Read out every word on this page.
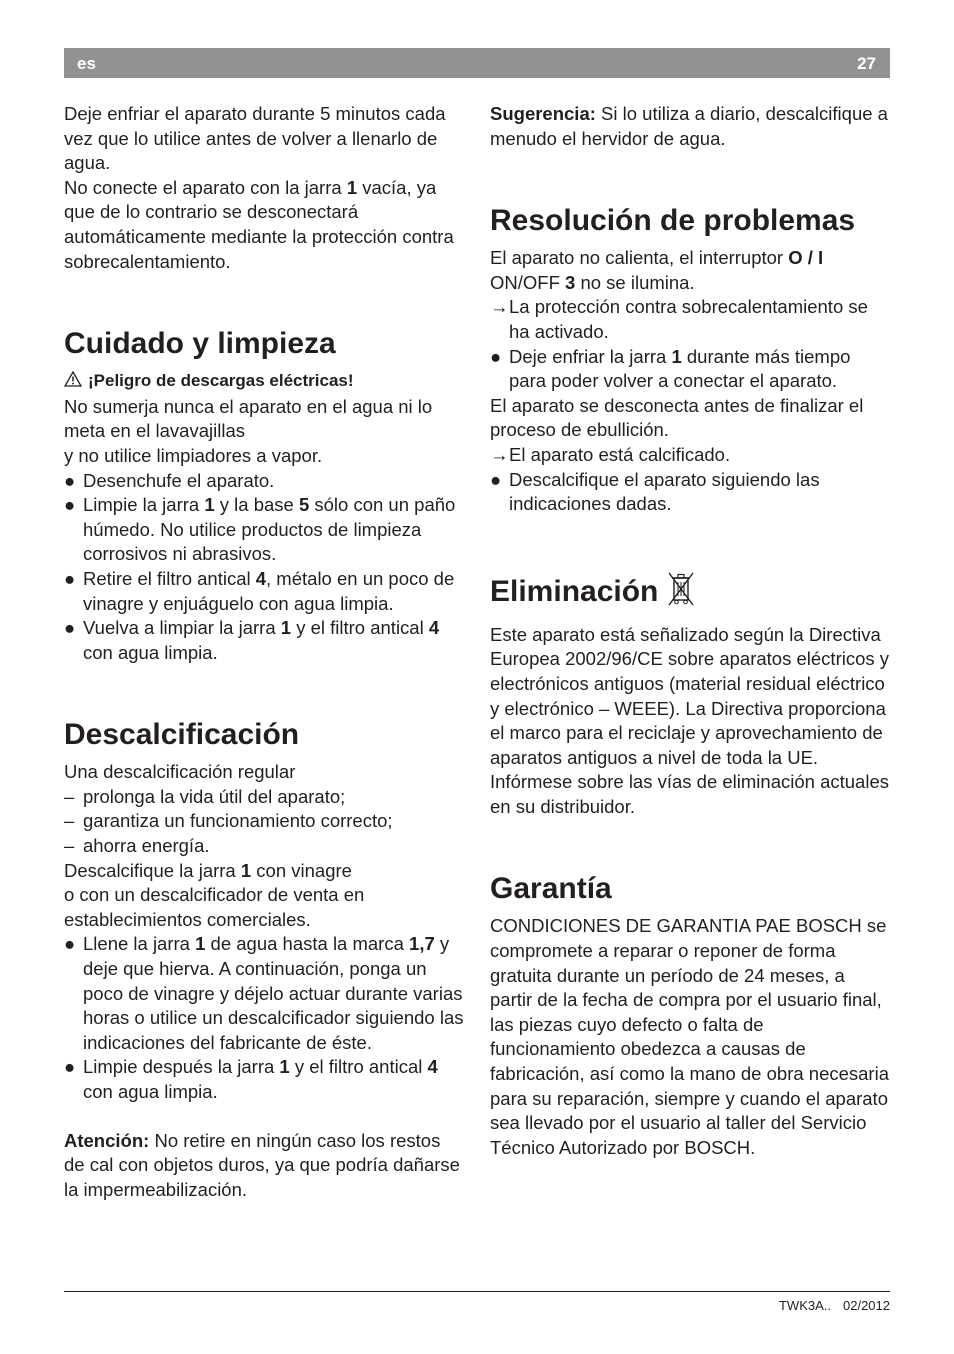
es	27

Deje enfriar el aparato durante 5 minutos cada vez que lo utilice antes de volver a llenarlo de agua.

No conecte el aparato con la jarra 1 vacía, ya que de lo contrario se desconectará automáticamente mediante la protección contra sobrecalentamiento.

Cuidado y limpieza

¡Peligro de descargas eléctricas!

No sumerja nunca el aparato en el agua ni lo meta en el lavavajillas

y no utilice limpiadores a vapor.

● Desenchufe el aparato.
● Limpie la jarra 1 y la base 5 sólo con un paño húmedo. No utilice productos de limpieza corrosivos ni abrasivos.
● Retire el filtro antical 4, métalo en un poco de vinagre y enjuáguelo con agua limpia.
● Vuelva a limpiar la jarra 1 y el filtro antical 4 con agua limpia.
Descalcificación

Una descalcificación regular

– prolonga la vida útil del aparato;
– garantiza un funcionamiento correcto;
– ahorra energía.

Descalcifique la jarra 1 con vinagre

o con un descalcificador de venta en establecimientos comerciales.

● Llene la jarra 1 de agua hasta la marca 1,7 y deje que hierva. A continuación, ponga un poco de vinagre y déjelo actuar durante varias horas o utilice un descalcificador siguiendo las indicaciones del fabricante de éste.
● Limpie después la jarra 1 y el filtro antical 4 con agua limpia.

Atención: No retire en ningún caso los restos de cal con objetos duros, ya que podría dañarse la impermeabilización.

Sugerencia: Si lo utiliza a diario, descalcifique a menudo el hervidor de agua.

Resolución de problemas

El aparato no calienta, el interruptor O / I ON/OFF 3 no se ilumina.

→ La protección contra sobrecalentamiento se ha activado.
● Deje enfriar la jarra 1 durante más tiempo para poder volver a conectar el aparato.

El aparato se desconecta antes de finalizar el proceso de ebullición.

→ El aparato está calcificado.
● Descalcifique el aparato siguiendo las indicaciones dadas.
Eliminación

Este aparato está señalizado según la Directiva Europea 2002/96/CE sobre aparatos eléctricos y electrónicos antiguos (material residual eléctrico y electrónico – WEEE). La Directiva proporciona el marco para el reciclaje y aprovechamiento de aparatos antiguos a nivel de toda la UE. Infórmese sobre las vías de eliminación actuales en su distribuidor.

Garantía

CONDICIONES DE GARANTIA PAE BOSCH se compromete a reparar o reponer de forma gratuita durante un período de 24 meses, a partir de la fecha de compra por el usuario final, las piezas cuyo defecto o falta de funcionamiento obedezca a causas de fabricación, así como la mano de obra necesaria para su reparación, siempre y cuando el aparato sea llevado por el usuario al taller del Servicio Técnico Autorizado por BOSCH.

TWK3A.. 02/2012
